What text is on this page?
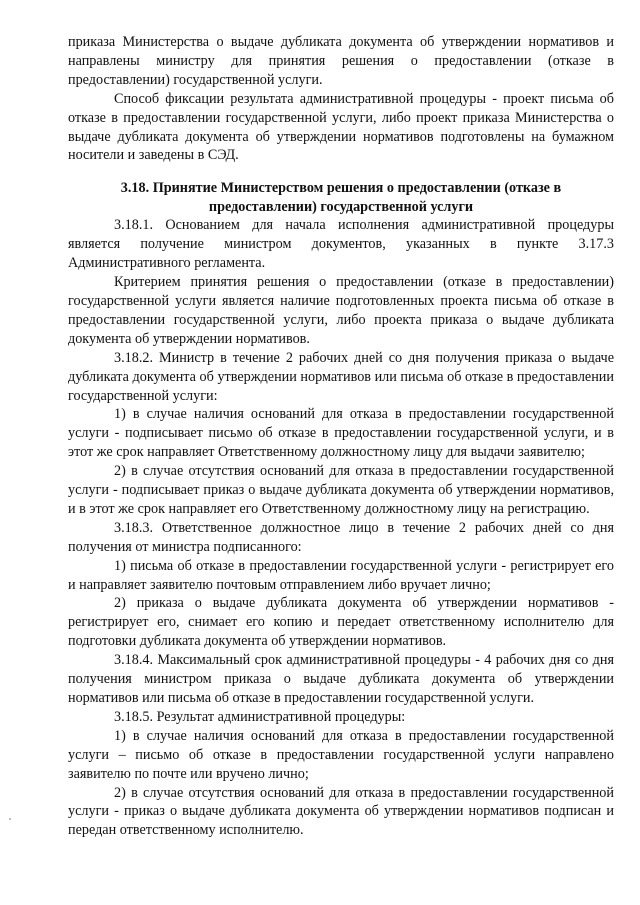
приказа Министерства о выдаче дубликата документа об утверждении нормативов и направлены министру для принятия решения о предоставлении (отказе в предоставлении) государственной услуги.

Способ фиксации результата административной процедуры - проект письма об отказе в предоставлении государственной услуги, либо проект приказа Министерства о выдаче дубликата документа об утверждении нормативов подготовлены на бумажном носители и заведены в СЭД.

3.18. Принятие Министерством решения о предоставлении (отказе в предоставлении) государственной услуги

3.18.1. Основанием для начала исполнения административной процедуры является получение министром документов, указанных в пункте 3.17.3 Административного регламента.

Критерием принятия решения о предоставлении (отказе в предоставлении) государственной услуги является наличие подготовленных проекта письма об отказе в предоставлении государственной услуги, либо проекта приказа о выдаче дубликата документа об утверждении нормативов.

3.18.2. Министр в течение 2 рабочих дней со дня получения приказа о выдаче дубликата документа об утверждении нормативов или письма об отказе в предоставлении государственной услуги:

1) в случае наличия оснований для отказа в предоставлении государственной услуги - подписывает письмо об отказе в предоставлении государственной услуги, и в этот же срок направляет Ответственному должностному лицу для выдачи заявителю;

2) в случае отсутствия оснований для отказа в предоставлении государственной услуги - подписывает приказ о выдаче дубликата документа об утверждении нормативов, и в этот же срок направляет его Ответственному должностному лицу на регистрацию.

3.18.3. Ответственное должностное лицо в течение 2 рабочих дней со дня получения от министра подписанного:

1) письма об отказе в предоставлении государственной услуги - регистрирует его и направляет заявителю почтовым отправлением либо вручает лично;

2) приказа о выдаче дубликата документа об утверждении нормативов - регистрирует его, снимает его копию и передает ответственному исполнителю для подготовки дубликата документа об утверждении нормативов.

3.18.4. Максимальный срок административной процедуры - 4 рабочих дня со дня получения министром приказа о выдаче дубликата документа об утверждении нормативов или письма об отказе в предоставлении государственной услуги.

3.18.5. Результат административной процедуры:

1) в случае наличия оснований для отказа в предоставлении государственной услуги – письмо об отказе в предоставлении государственной услуги направлено заявителю по почте или вручено лично;

2) в случае отсутствия оснований для отказа в предоставлении государственной услуги - приказ о выдаче дубликата документа об утверждении нормативов подписан и передан ответственному исполнителю.
